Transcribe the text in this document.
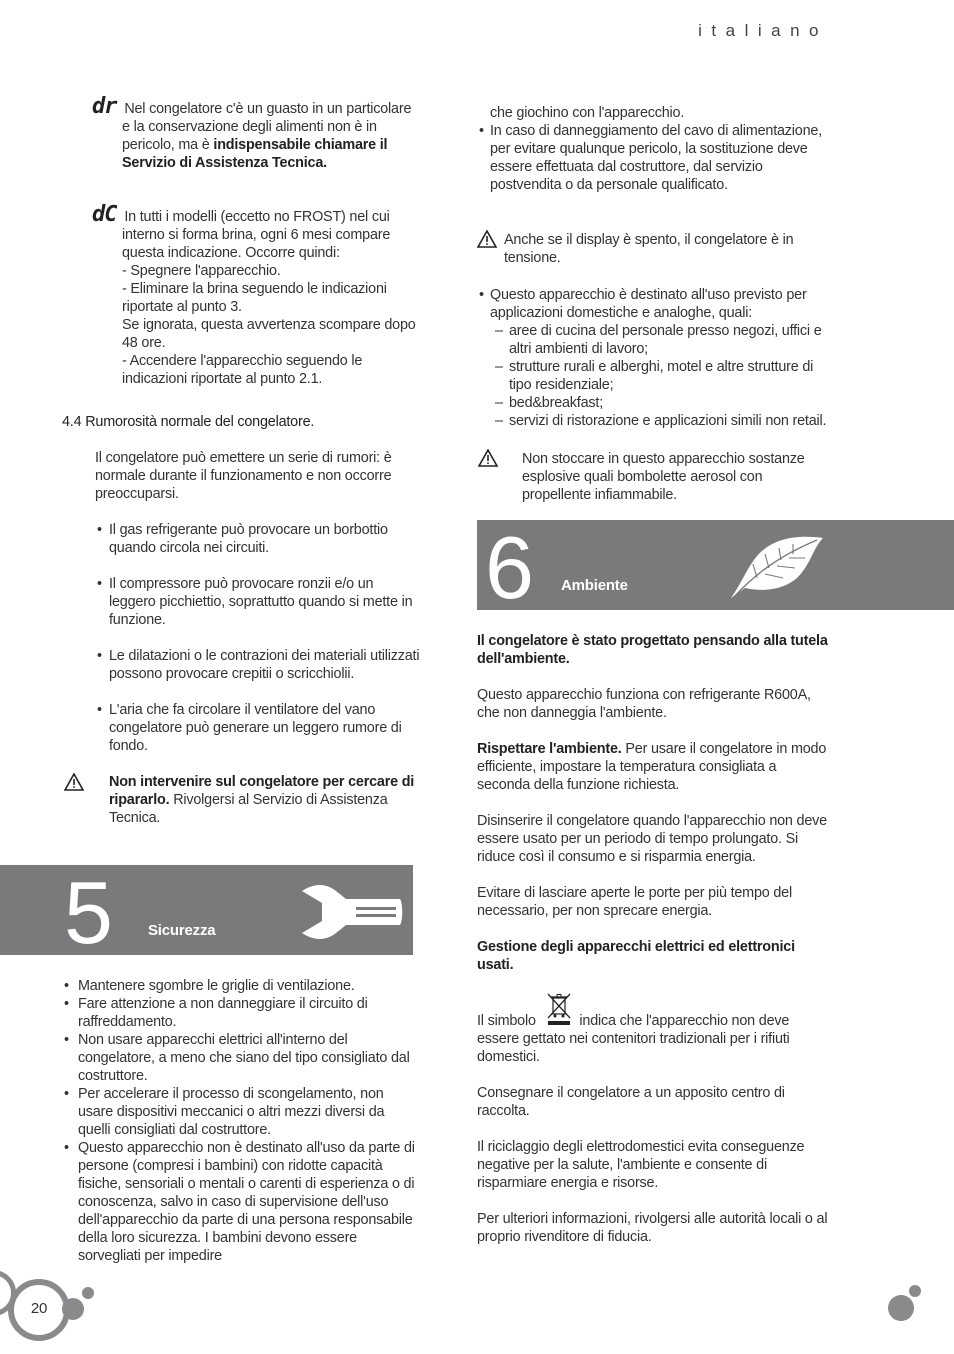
italiano
dr Nel congelatore c'è un guasto in un particolare e la conservazione degli alimenti non è in pericolo, ma è indispensabile chiamare il Servizio di Assistenza Tecnica.
dC In tutti i modelli (eccetto no FROST) nel cui interno si forma brina, ogni 6 mesi compare questa indicazione. Occorre quindi:
- Spegnere l'apparecchio.
- Eliminare la brina seguendo le indicazioni riportate al punto 3.
Se ignorata, questa avvertenza scompare dopo 48 ore.
- Accendere l'apparecchio seguendo le indicazioni riportate al punto 2.1.
4.4 Rumorosità normale del congelatore.
Il congelatore può emettere un serie di rumori: è normale durante il funzionamento e non occorre preoccuparsi.
• Il gas refrigerante può provocare un borbottio quando circola nei circuiti.
• Il compressore può provocare ronzii e/o un leggero picchiettio, soprattutto quando si mette in funzione.
• Le dilatazioni o le contrazioni dei materiali utilizzati possono provocare crepitii o scricchiolii.
• L'aria che fa circolare il ventilatore del vano congelatore può generare un leggero rumore di fondo.
Non intervenire sul congelatore per cercare di ripararlo. Rivolgersi al Servizio di Assistenza Tecnica.
5 Sicurezza
• Mantenere sgombre le griglie di ventilazione.
• Fare attenzione a non danneggiare il circuito di raffreddamento.
• Non usare apparecchi elettrici all'interno del congelatore, a meno che siano del tipo consigliato dal costruttore.
• Per accelerare il processo di scongelamento, non usare dispositivi meccanici o altri mezzi diversi da quelli consigliati dal costruttore.
• Questo apparecchio non è destinato all'uso da parte di persone (compresi i bambini) con ridotte capacità fisiche, sensoriali o mentali o carenti di esperienza o di conoscenza, salvo in caso di supervisione dell'uso dell'apparecchio da parte di una persona responsabile della loro sicurezza. I bambini devono essere sorvegliati per impedire
che giochino con l'apparecchio.
• In caso di danneggiamento del cavo di alimentazione, per evitare qualunque pericolo, la sostituzione deve essere effettuata dal costruttore, dal servizio postvendita o da personale qualificato.
Anche se il display è spento, il congelatore è in tensione.
• Questo apparecchio è destinato all'uso previsto per applicazioni domestiche e analoghe, quali:
– aree di cucina del personale presso negozi, uffici e altri ambienti di lavoro;
– strutture rurali e alberghi, motel e altre strutture di tipo residenziale;
– bed&breakfast;
– servizi di ristorazione e applicazioni simili non retail.
Non stoccare in questo apparecchio sostanze esplosive quali bombolette aerosol con propellente infiammabile.
6 Ambiente
Il congelatore è stato progettato pensando alla tutela dell'ambiente.
Questo apparecchio funziona con refrigerante R600A, che non danneggia l'ambiente.
Rispettare l'ambiente. Per usare il congelatore in modo efficiente, impostare la temperatura consigliata a seconda della funzione richiesta.
Disinserire il congelatore quando l'apparecchio non deve essere usato per un periodo di tempo prolungato. Si riduce così il consumo e si risparmia energia.
Evitare di lasciare aperte le porte per più tempo del necessario, per non sprecare energia.
Gestione degli apparecchi elettrici ed elettronici usati.
Il simbolo	indica che l'apparecchio non deve essere gettato nei contenitori tradizionali per i rifiuti domestici.
Consegnare il congelatore a un apposito centro di raccolta.
Il riciclaggio degli elettrodomestici evita conseguenze negative per la salute, l'ambiente e consente di risparmiare energia e risorse.
Per ulteriori informazioni, rivolgersi alle autorità locali o al proprio rivenditore di fiducia.
20
